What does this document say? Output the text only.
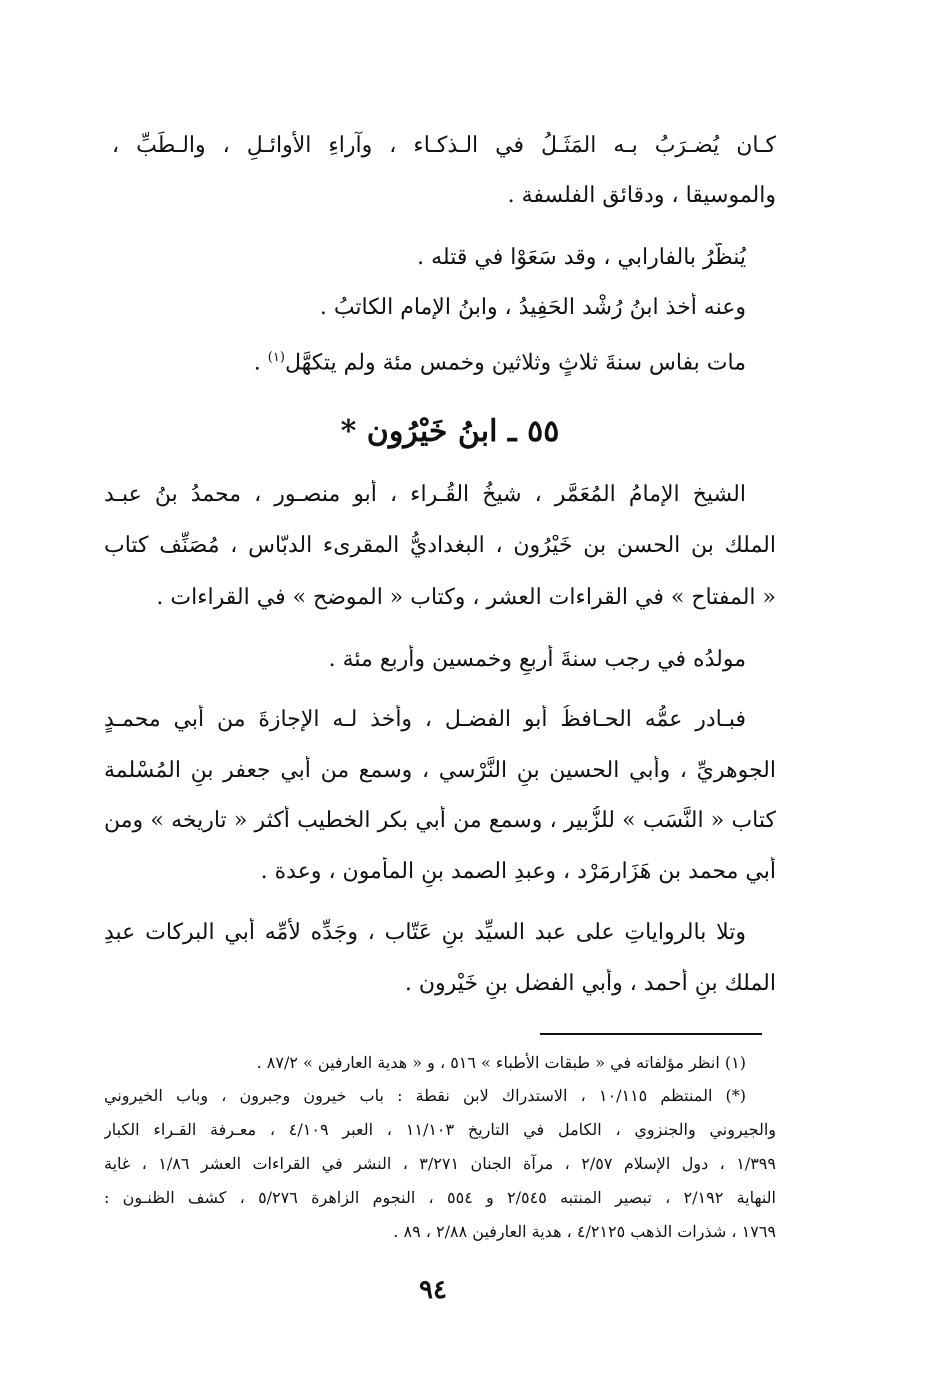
كـان يُضـرَبُ بـه المَثَـلُ في الـذكـاء ، وآراءِ الأوائـلِ ، والـطِّبِّ ،
والموسيقا ، ودقائق الفلسفة .
يُنظَّرُ بالفارابي ، وقد سَعَوْا في قتله .
وعنه أخذ ابنُ رُشْد الحَفِيدُ ، وابنُ الإمام الكاتبُ .
مات بفاس سنةَ ثلاثٍ وثلاثين وخمس مئة ولم يتكهَّل$^{(١)}$ .
٥٥ ـ ابنُ خَيْرُون *
الشيخ الإمامُ المُعَمَّر ، شيخُ القُـراء ، أبو منصـور ، محمدُ بنُ عبـد
الملك بن الحسن بن خَيْرُون ، البغداديُّ المقرىء الدبّاس ، مُصَنِّف كتاب
« المفتاح » في القراءات العشر ، وكتاب « الموضح » في القراءات .
مولدُه في رجب سنةَ أربعٍ وخمسين وأربع مئة .
فبـادر عمُّه الحـافظُ أبو الفضـل ، وأخذ لـه الإجازةَ من أبي محمـدٍ
الجوهريِّ ، وأبي الحسين بنِ النَّرْسي ، وسمع من أبي جعفر بنِ المُسْلمة
كتاب « النَّسَب » للزُّبير ، وسمع من أبي بكر الخطيب أكثر « تاريخه » ومن
أبي محمد بن هَزَارمَرْد ، وعبدِ الصمد بنِ المأمون ، وعدة .
وتلا بالرواياتِ على عبد السيِّد بنِ عَتّاب ، وجَدِّه لأُمِّه أبي البركات عبدِ
الملك بنِ أحمد ، وأبي الفضل بنِ خَيْرون .
(١) انظر مؤلفاته في « طبقات الأطباء » ٥١٦ ، و « هدية العارفين » ٨٧/٢ .
(*) المنتظم ١٠/١١٥ ، الاستدراك لابن نقطة : باب خيرون وجبرون ، وباب الخيروني
والجيروني والجنزوي ، الكامل في التاريخ ١١/١٠٣ ، العبر ٤/١٠٩ ، معـرفة القـراء الكبار
١/٣٩٩ ، دول الإسلام ٢/٥٧ ، مرآة الجنان ٣/٢٧١ ، النشر في القراءات العشر ١/٨٦ ، غاية
النهاية ٢/١٩٢ ، تبصير المنتبه ٢/٥٤٥ و ٥٥٤ ، النجوم الزاهرة ٥/٢٧٦ ، كشف الظنـون :
١٧٦٩ ، شذرات الذهب ٤/٢١٢٥ ، هدية العارفين ٢/٨٨ ، ٨٩ .
٩٤
